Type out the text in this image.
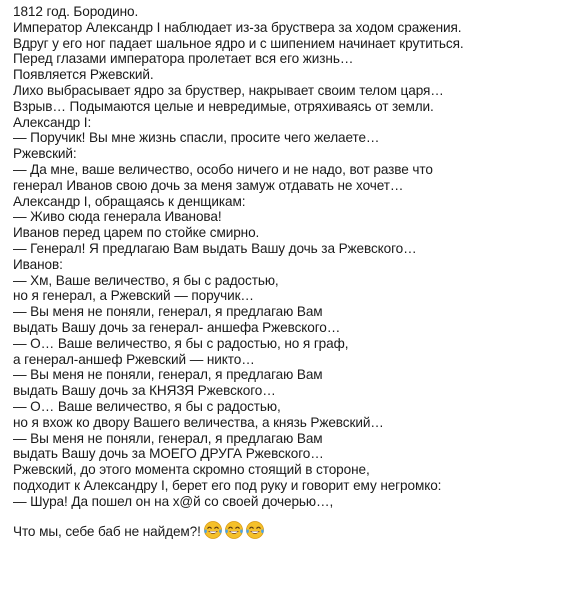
1812 год. Бородино.
Император Александр I наблюдает из-за бруствера за ходом сражения.
Вдруг у его ног падает шальное ядро и с шипением начинает крутиться.
Перед глазами императора пролетает вся его жизнь…
Появляется Ржевский.
Лихо выбрасывает ядро за бруствер, накрывает своим телом царя…
Взрыв… Подымаются целые и невредимые, отряхиваясь от земли.
Александр I:
— Поручик! Вы мне жизнь спасли, просите чего желаете…
Ржевский:
— Да мне, ваше величество, особо ничего и не надо, вот разве что
генерал Иванов свою дочь за меня замуж отдавать не хочет…
Александр I, обращаясь к денщикам:
— Живо сюда генерала Иванова!
Иванов перед царем по стойке смирно.
— Генерал! Я предлагаю Вам выдать Вашу дочь за Ржевского…
Иванов:
— Хм, Ваше величество, я бы с радостью,
но я генерал, а Ржевский — поручик…
— Вы меня не поняли, генерал, я предлагаю Вам
выдать Вашу дочь за генерал- аншефа Ржевского…
— О… Ваше величество, я бы с радостью, но я граф,
а генерал-аншеф Ржевский — никто…
— Вы меня не поняли, генерал, я предлагаю Вам
выдать Вашу дочь за КНЯЗЯ Ржевского…
— О… Ваше величество, я бы с радостью,
но я вхож ко двору Вашего величества, а князь Ржевский…
— Вы меня не поняли, генерал, я предлагаю Вам
выдать Вашу дочь за МОЕГО ДРУГА Ржевского…
Ржевский, до этого момента скромно стоящий в стороне,
подходит к Александру I, берет его под руку и говорит ему негромко:
— Шура! Да пошел он на х@й со своей дочерью…,
Что мы, себе баб не найдем?!
